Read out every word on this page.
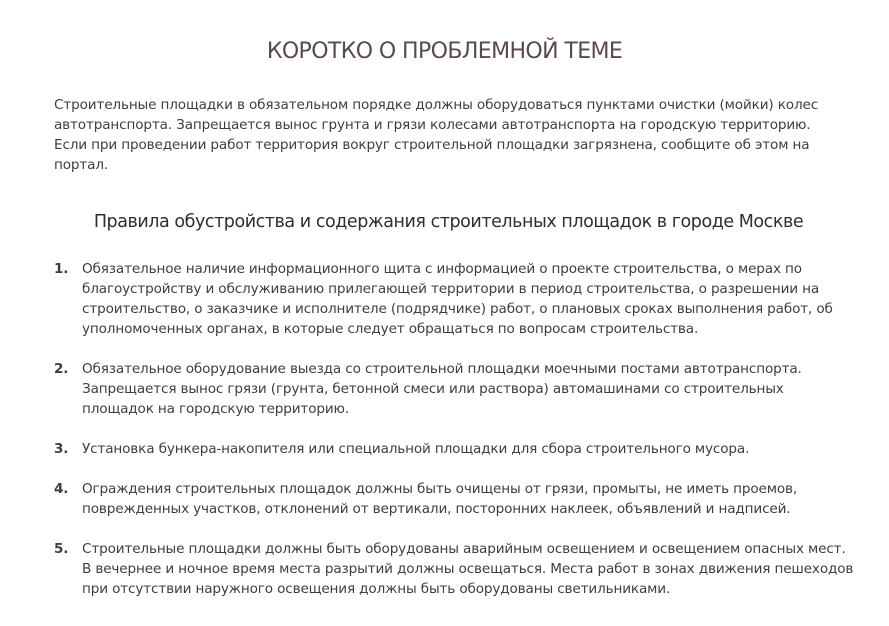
КОРОТКО О ПРОБЛЕМНОЙ ТЕМЕ

Строительные площадки в обязательном порядке должны оборудоваться пунктами очистки (мойки) колес автотранспорта. Запрещается вынос грунта и грязи колесами автотранспорта на городскую территорию. Если при проведении работ территория вокруг строительной площадки загрязнена, сообщите об этом на портал.

Правила обустройства и содержания строительных площадок в городе Москве
1. Обязательное наличие информационного щита с информацией о проекте строительства, о мерах по благоустройству и обслуживанию прилегающей территории в период строительства, о разрешении на строительство, о заказчике и исполнителе (подрядчике) работ, о плановых сроках выполнения работ, об уполномоченных органах, в которые следует обращаться по вопросам строительства.
2. Обязательное оборудование выезда со строительной площадки моечными постами автотранспорта. Запрещается вынос грязи (грунта, бетонной смеси или раствора) автомашинами со строительных площадок на городскую территорию.
3. Установка бункера-накопителя или специальной площадки для сбора строительного мусора.
4. Ограждения строительных площадок должны быть очищены от грязи, промыты, не иметь проемов, поврежденных участков, отклонений от вертикали, посторонних наклеек, объявлений и надписей.
5. Строительные площадки должны быть оборудованы аварийным освещением и освещением опасных мест. В вечернее и ночное время места разрытий должны освещаться. Места работ в зонах движения пешеходов при отсутствии наружного освещения должны быть оборудованы светильниками.
